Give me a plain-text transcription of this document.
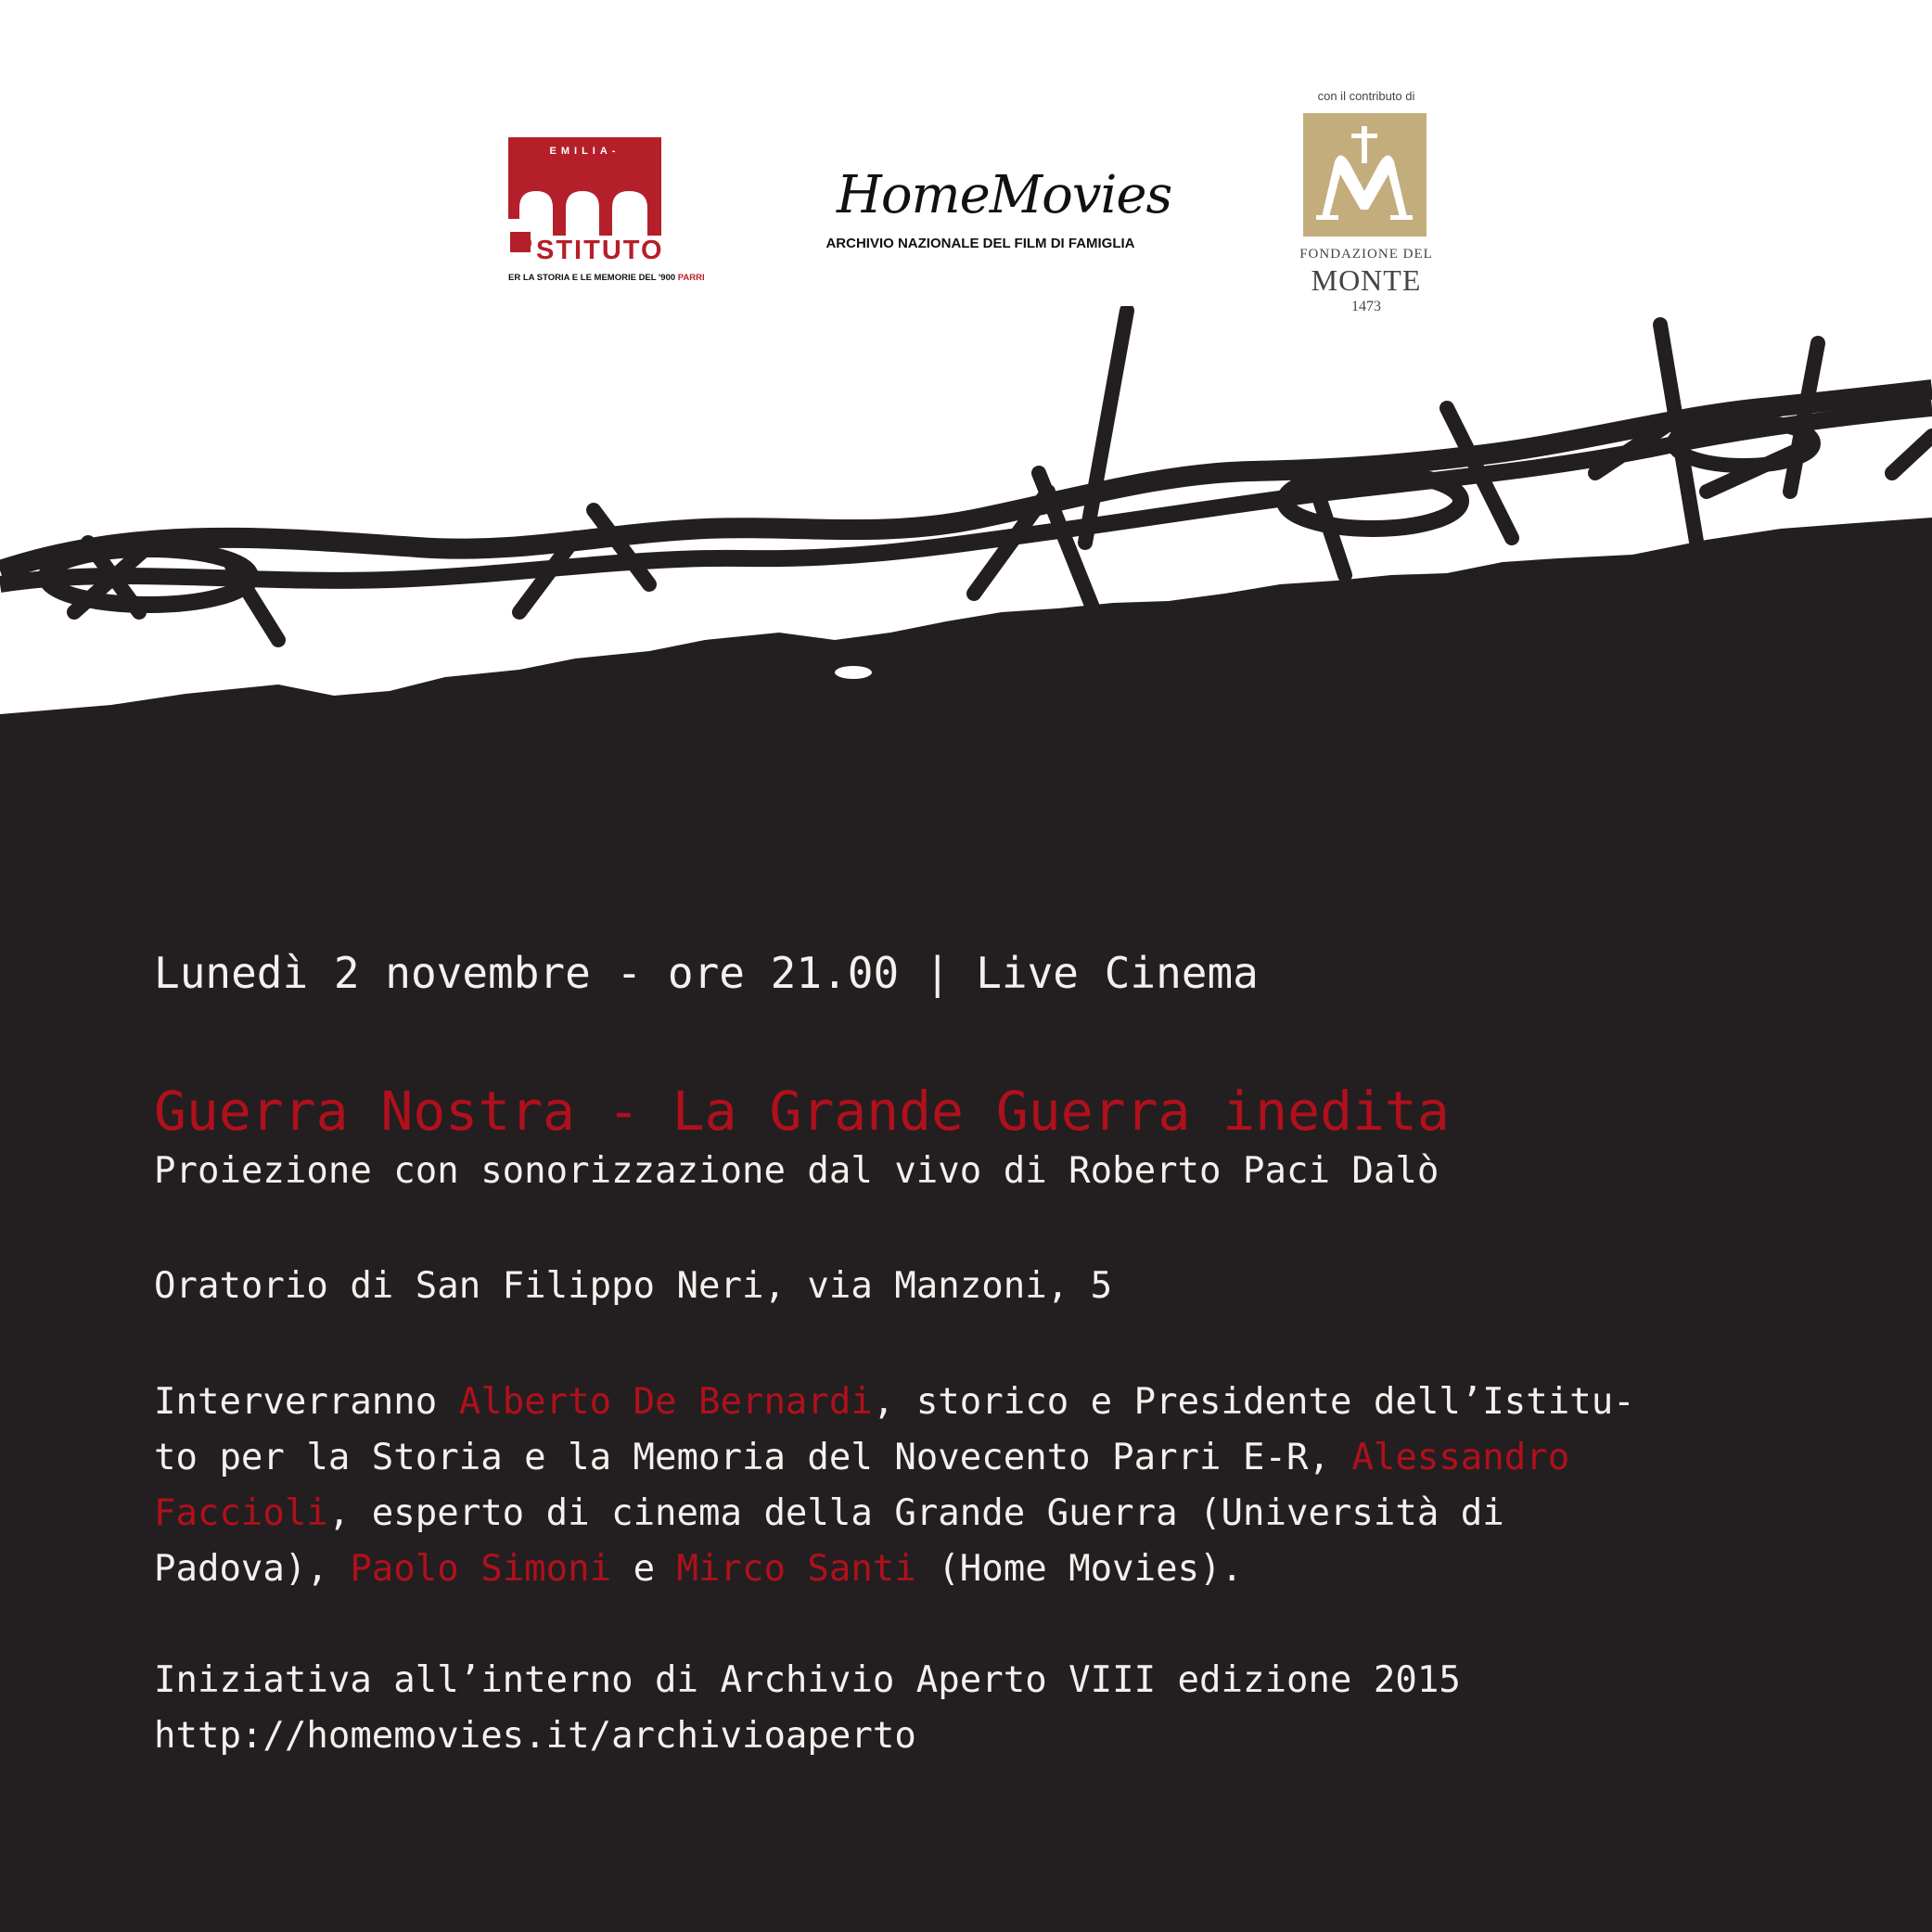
EMILIA-
STITUTO
ER LA STORIA E LE MEMORIE DEL '900 PARRI
HomeMovies
ARCHIVIO NAZIONALE DEL FILM DI FAMIGLIA
con il contributo di
FONDAZIONE DEL
MONTE
1473
Lunedì 2 novembre - ore 21.00 | Live Cinema
Guerra Nostra - La Grande Guerra inedita
Proiezione con sonorizzazione dal vivo di Roberto Paci Dalò
Oratorio di San Filippo Neri, via Manzoni, 5
Interverranno Alberto De Bernardi, storico e Presidente dell’Istitu-
to per la Storia e la Memoria del Novecento Parri E-R, Alessandro
Faccioli, esperto di cinema della Grande Guerra (Università di
Padova), Paolo Simoni e Mirco Santi (Home Movies).
Iniziativa all’interno di Archivio Aperto VIII edizione 2015
http://homemovies.it/archivioaperto
